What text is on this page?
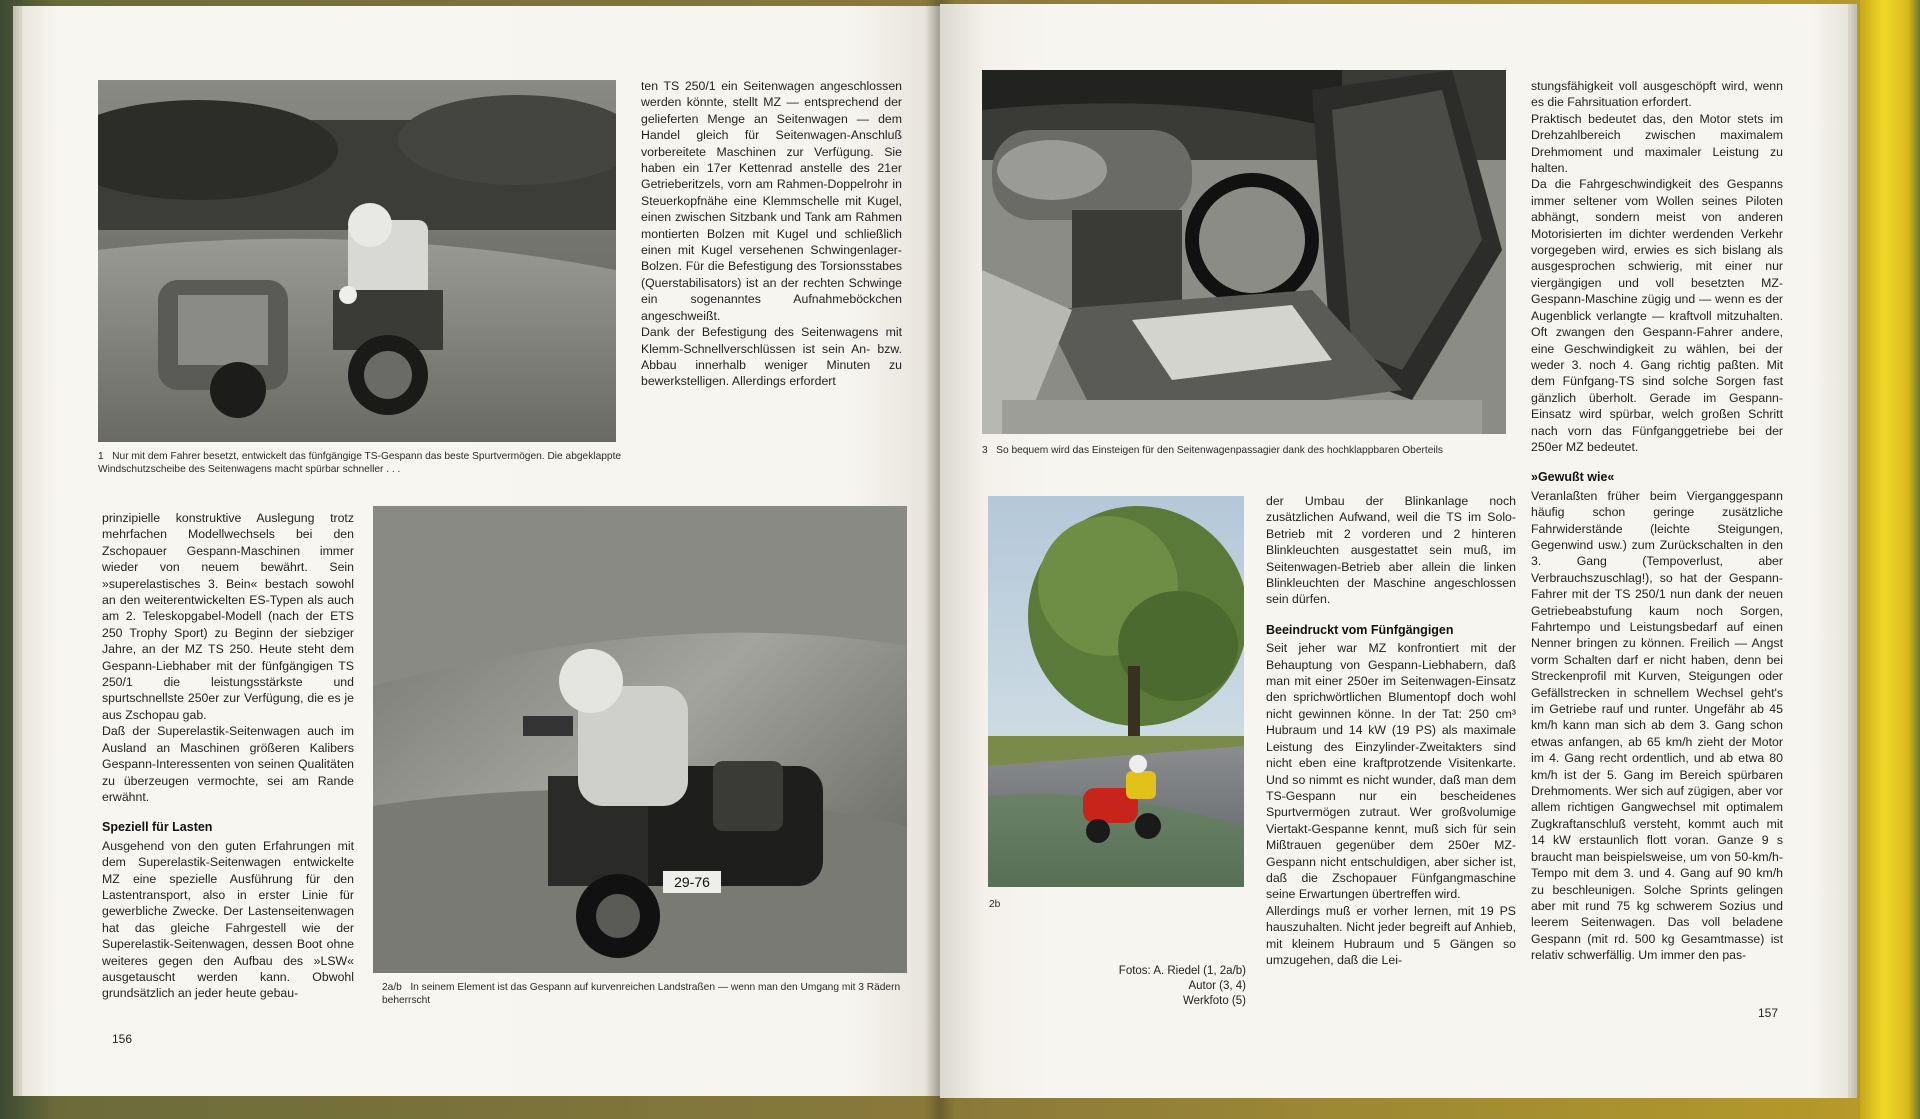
1 Nur mit dem Fahrer besetzt, entwickelt das fünfgängige TS-Gespann das beste Spurtvermögen. Die abgeklappte Windschutzscheibe des Seitenwagens macht spürbar schneller . . .

ten TS 250/1 ein Seitenwagen angeschlossen werden könnte, stellt MZ — entsprechend der gelieferten Menge an Seitenwagen — dem Handel gleich für Seitenwagen-Anschluß vorbereitete Maschinen zur Verfügung. Sie haben ein 17er Kettenrad anstelle des 21er Getrieberitzels, vorn am Rahmen-Doppelrohr in Steuerkopfnähe eine Klemmschelle mit Kugel, einen zwischen Sitzbank und Tank am Rahmen montierten Bolzen mit Kugel und schließlich einen mit Kugel versehenen Schwingenlager-Bolzen. Für die Befestigung des Torsionsstabes (Querstabilisators) ist an der rechten Schwinge ein sogenanntes Aufnahmeböckchen angeschweißt.

Dank der Befestigung des Seitenwagens mit Klemm-Schnellverschlüssen ist sein An- bzw. Abbau innerhalb weniger Minuten zu bewerkstelligen. Allerdings erfordert

prinzipielle konstruktive Auslegung trotz mehrfachen Modellwechsels bei den Zschopauer Gespann-Maschinen immer wieder von neuem bewährt. Sein »superelastisches 3. Bein« bestach sowohl an den weiterentwickelten ES-Typen als auch am 2. Teleskopgabel-Modell (nach der ETS 250 Trophy Sport) zu Beginn der siebziger Jahre, an der MZ TS 250. Heute steht dem Gespann-Liebhaber mit der fünfgängigen TS 250/1 die leistungsstärkste und spurtschnellste 250er zur Verfügung, die es je aus Zschopau gab.

Daß der Superelastik-Seitenwagen auch im Ausland an Maschinen größeren Kalibers Gespann-Interessenten von seinen Qualitäten zu überzeugen vermochte, sei am Rande erwähnt.

Speziell für Lasten

Ausgehend von den guten Erfahrungen mit dem Superelastik-Seitenwagen entwickelte MZ eine spezielle Ausführung für den Lastentransport, also in erster Linie für gewerbliche Zwecke. Der Lastenseitenwagen hat das gleiche Fahrgestell wie der Superelastik-Seitenwagen, dessen Boot ohne weiteres gegen den Aufbau des »LSW« ausgetauscht werden kann. Obwohl grundsätzlich an jeder heute gebau-

29-76
2a/b In seinem Element ist das Gespann auf kurvenreichen Landstraßen — wenn man den Umgang mit 3 Rädern beherrscht
156
3 So bequem wird das Einsteigen für den Seitenwagenpassagier dank des hochklappbaren Oberteils
2b
Fotos: A. Riedel (1, 2a/b)
Autor (3, 4)
Werkfoto (5)

der Umbau der Blinkanlage noch zusätzlichen Aufwand, weil die TS im Solo-Betrieb mit 2 vorderen und 2 hinteren Blinkleuchten ausgestattet sein muß, im Seitenwagen-Betrieb aber allein die linken Blinkleuchten der Maschine angeschlossen sein dürfen.

Beeindruckt vom Fünfgängigen

Seit jeher war MZ konfrontiert mit der Behauptung von Gespann-Liebhabern, daß man mit einer 250er im Seitenwagen-Einsatz den sprichwörtlichen Blumentopf doch wohl nicht gewinnen könne. In der Tat: 250 cm³ Hubraum und 14 kW (19 PS) als maximale Leistung des Einzylinder-Zweitakters sind nicht eben eine kraftprotzende Visitenkarte. Und so nimmt es nicht wunder, daß man dem TS-Gespann nur ein bescheidenes Spurtvermögen zutraut. Wer großvolumige Viertakt-Gespanne kennt, muß sich für sein Mißtrauen gegenüber dem 250er MZ-Gespann nicht entschuldigen, aber sicher ist, daß die Zschopauer Fünfgangmaschine seine Erwartungen übertreffen wird.

Allerdings muß er vorher lernen, mit 19 PS hauszuhalten. Nicht jeder begreift auf Anhieb, mit kleinem Hubraum und 5 Gängen so umzugehen, daß die Lei-

stungsfähigkeit voll ausgeschöpft wird, wenn es die Fahrsituation erfordert.

Praktisch bedeutet das, den Motor stets im Drehzahlbereich zwischen maximalem Drehmoment und maximaler Leistung zu halten.

Da die Fahrgeschwindigkeit des Gespanns immer seltener vom Wollen seines Piloten abhängt, sondern meist von anderen Motorisierten im dichter werdenden Verkehr vorgegeben wird, erwies es sich bislang als ausgesprochen schwierig, mit einer nur viergängigen und voll besetzten MZ-Gespann-Maschine zügig und — wenn es der Augenblick verlangte — kraftvoll mitzuhalten. Oft zwangen den Gespann-Fahrer andere, eine Geschwindigkeit zu wählen, bei der weder 3. noch 4. Gang richtig paßten. Mit dem Fünfgang-TS sind solche Sorgen fast gänzlich überholt. Gerade im Gespann-Einsatz wird spürbar, welch großen Schritt nach vorn das Fünfganggetriebe bei der 250er MZ bedeutet.

»Gewußt wie«

Veranlaßten früher beim Vierganggespann häufig schon geringe zusätzliche Fahrwiderstände (leichte Steigungen, Gegenwind usw.) zum Zurückschalten in den 3. Gang (Tempoverlust, aber Verbrauchszuschlag!), so hat der Gespann-Fahrer mit der TS 250/1 nun dank der neuen Getriebeabstufung kaum noch Sorgen, Fahrtempo und Leistungsbedarf auf einen Nenner bringen zu können. Freilich — Angst vorm Schalten darf er nicht haben, denn bei Streckenprofil mit Kurven, Steigungen oder Gefällstrecken in schnellem Wechsel geht's im Getriebe rauf und runter. Ungefähr ab 45 km/h kann man sich ab dem 3. Gang schon etwas anfangen, ab 65 km/h zieht der Motor im 4. Gang recht ordentlich, und ab etwa 80 km/h ist der 5. Gang im Bereich spürbaren Drehmoments. Wer sich auf zügigen, aber vor allem richtigen Gangwechsel mit optimalem Zugkraftanschluß versteht, kommt auch mit 14 kW erstaunlich flott voran. Ganze 9 s braucht man beispielsweise, um von 50-km/h-Tempo mit dem 3. und 4. Gang auf 90 km/h zu beschleunigen. Solche Sprints gelingen aber mit rund 75 kg schwerem Sozius und leerem Seitenwagen. Das voll beladene Gespann (mit rd. 500 kg Gesamtmasse) ist relativ schwerfällig. Um immer den pas-

157
